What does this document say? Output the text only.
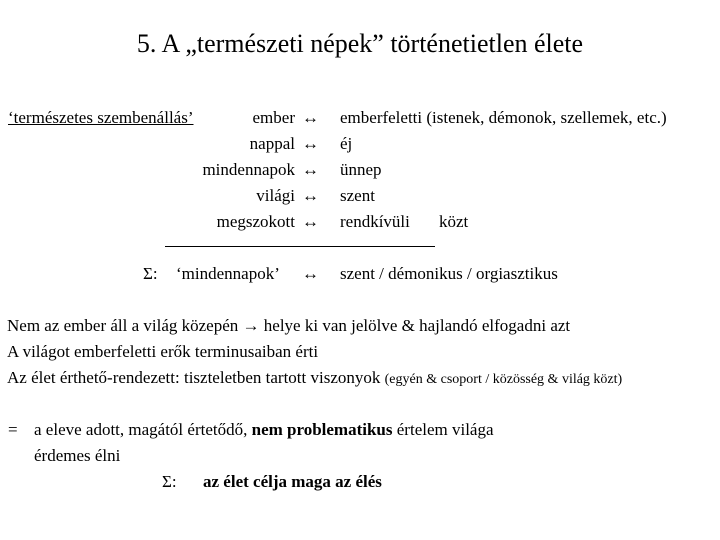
5. A „természeti népek” történetietlen élete
‘természetes szembenállás’	ember ↔ emberfeletti (istenek, démonok, szellemek, etc.)
nappal ↔ éj
mindennapok ↔ ünnep
világi ↔ szent
megszokott ↔ rendkívüli közt
Σ: ‘mindennapok’ ↔ szent / démonikus / orgiasztikus
Nem az ember áll a világ közepén → helye ki van jelölve & hajlandó elfogadni azt
A világot emberfeletti erők terminusaiban érti
Az élet érthető-rendezett: tiszteletben tartott viszonyok (egyén & csoport / közösség & világ közt)
= a eleve adott, magától értetődő, nem problematikus értelem világa
érdemes élni
Σ: az élet célja maga az élés
